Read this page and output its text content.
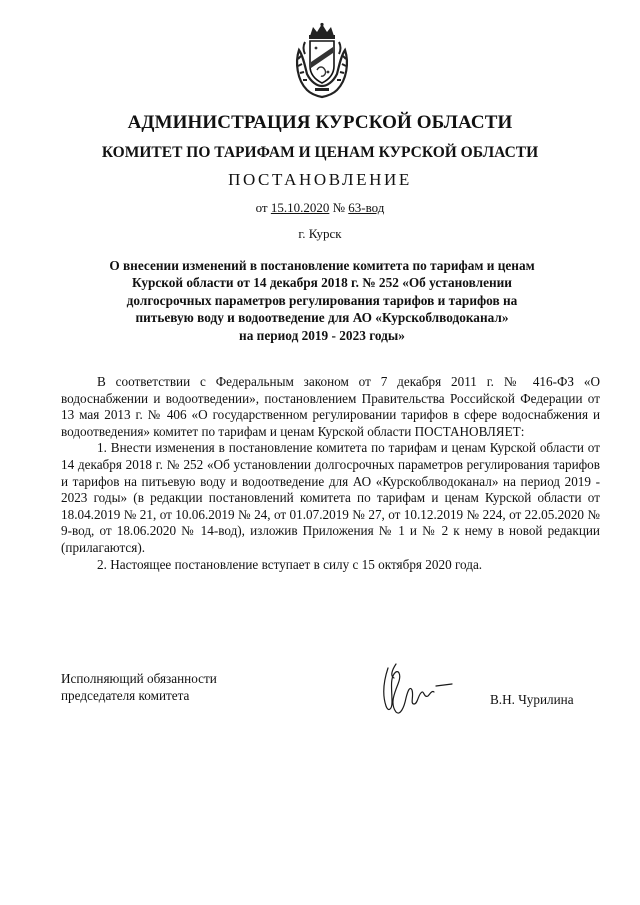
АДМИНИСТРАЦИЯ КУРСКОЙ ОБЛАСТИ
КОМИТЕТ ПО ТАРИФАМ И ЦЕНАМ КУРСКОЙ ОБЛАСТИ
ПОСТАНОВЛЕНИЕ
от 15.10.2020 № 63-вод
г. Курск
О внесении изменений в постановление комитета по тарифам и ценам
Курской области от 14 декабря 2018 г. № 252 «Об установлении
долгосрочных параметров регулирования тарифов и тарифов на
питьевую воду и водоотведение для АО «Курскоблводоканал»
на период 2019 - 2023 годы»

В соответствии с Федеральным законом от 7 декабря 2011 г. № 416-ФЗ «О водоснабжении и водоотведении», постановлением Правительства Российской Федерации от 13 мая 2013 г. № 406 «О государственном регулировании тарифов в сфере водоснабжения и водоотведения» комитет по тарифам и ценам Курской области ПОСТАНОВЛЯЕТ:

1. Внести изменения в постановление комитета по тарифам и ценам Курской области от 14 декабря 2018 г. № 252 «Об установлении долгосрочных параметров регулирования тарифов и тарифов на питьевую воду и водоотведение для АО «Курскоблводоканал» на период 2019 - 2023 годы» (в редакции постановлений комитета по тарифам и ценам Курской области от 18.04.2019 № 21, от 10.06.2019 № 24, от 01.07.2019 № 27, от 10.12.2019 № 224, от 22.05.2020 № 9-вод, от 18.06.2020 № 14-вод), изложив Приложения № 1 и № 2 к нему в новой редакции (прилагаются).

2. Настоящее постановление вступает в силу с 15 октября 2020 года.

Исполняющий обязанности
председателя комитета	В.Н. Чурилина
